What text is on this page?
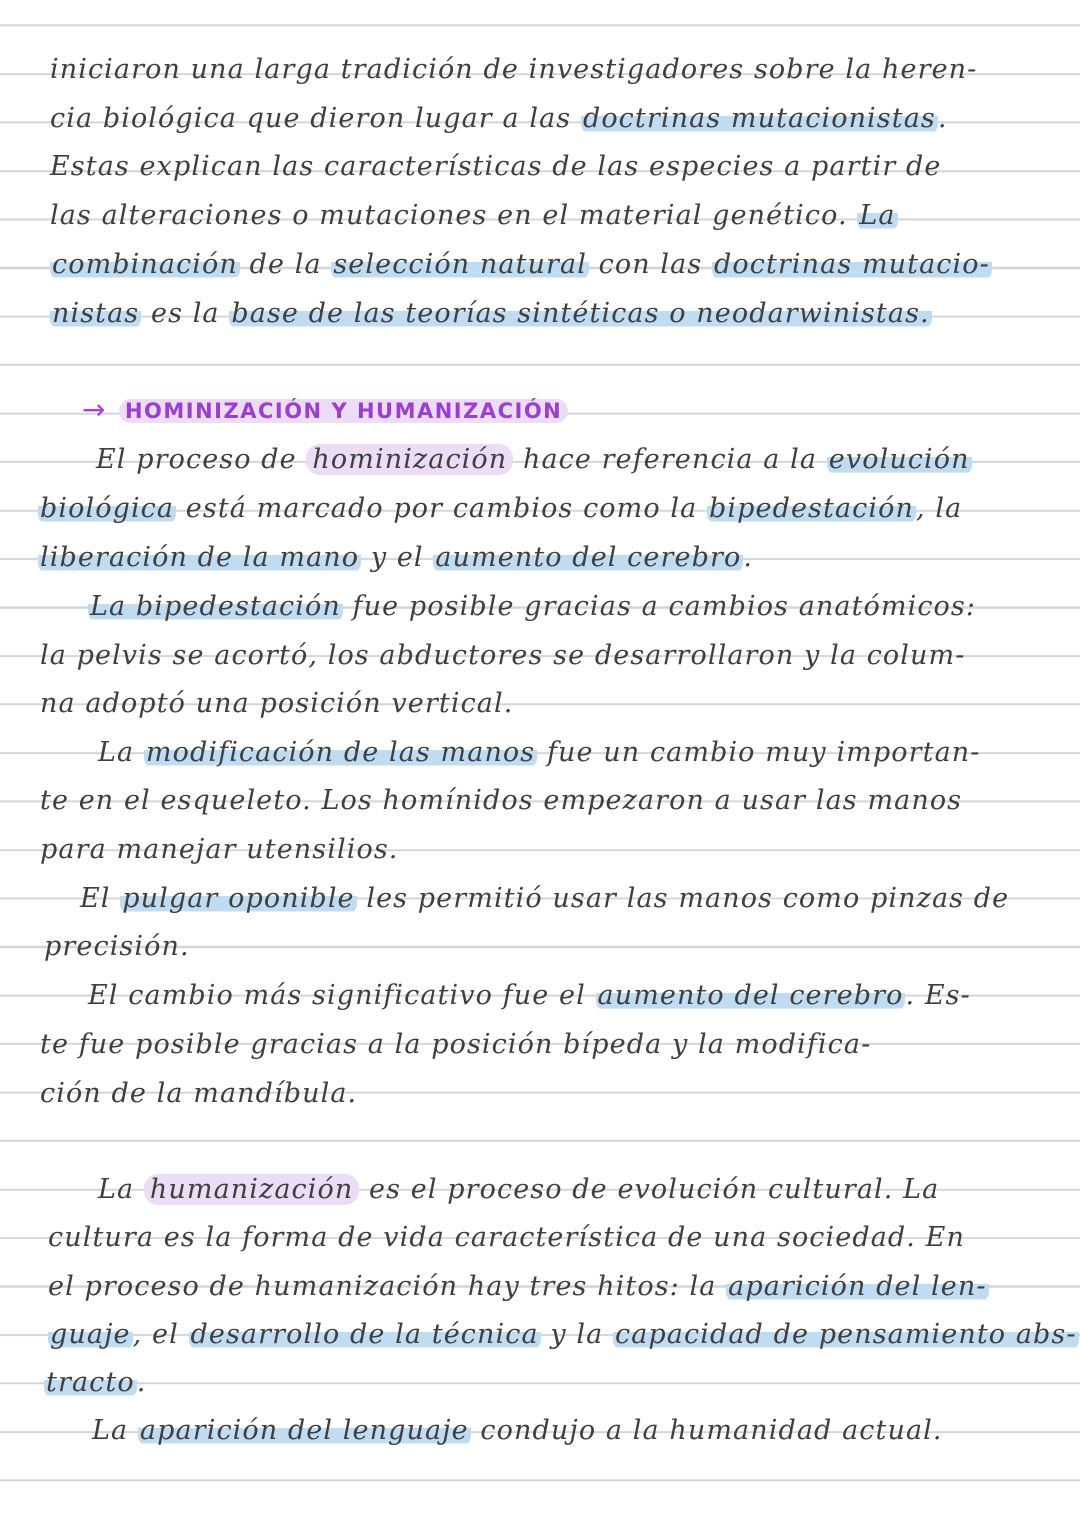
iniciaron una larga tradición de investigadores sobre la heren-
cia biológica que dieron lugar a las doctrinas mutacionistas.
Estas explican las características de las especies a partir de
las alteraciones o mutaciones en el material genético. La
combinación de la selección natural con las doctrinas mutacio-
nistas es la base de las teorías sintéticas o neodarwinistas.
→ HOMINIZACIÓN Y HUMANIZACIÓN
El proceso de hominización hace referencia a la evolución
biológica está marcado por cambios como la bipedestación, la
liberación de la mano y el aumento del cerebro.
La bipedestación fue posible gracias a cambios anatómicos:
la pelvis se acortó, los abductores se desarrollaron y la colum-
na adoptó una posición vertical.
La modificación de las manos fue un cambio muy importan-
te en el esqueleto. Los homínidos empezaron a usar las manos
para manejar utensilios.
El pulgar oponible les permitió usar las manos como pinzas de
precisión.
El cambio más significativo fue el aumento del cerebro. Es-
te fue posible gracias a la posición bípeda y la modifica-
ción de la mandíbula.
La humanización es el proceso de evolución cultural. La
cultura es la forma de vida característica de una sociedad. En
el proceso de humanización hay tres hitos: la aparición del len-
guaje, el desarrollo de la técnica y la capacidad de pensamiento abs-
tracto.
La aparición del lenguaje condujo a la humanidad actual.
